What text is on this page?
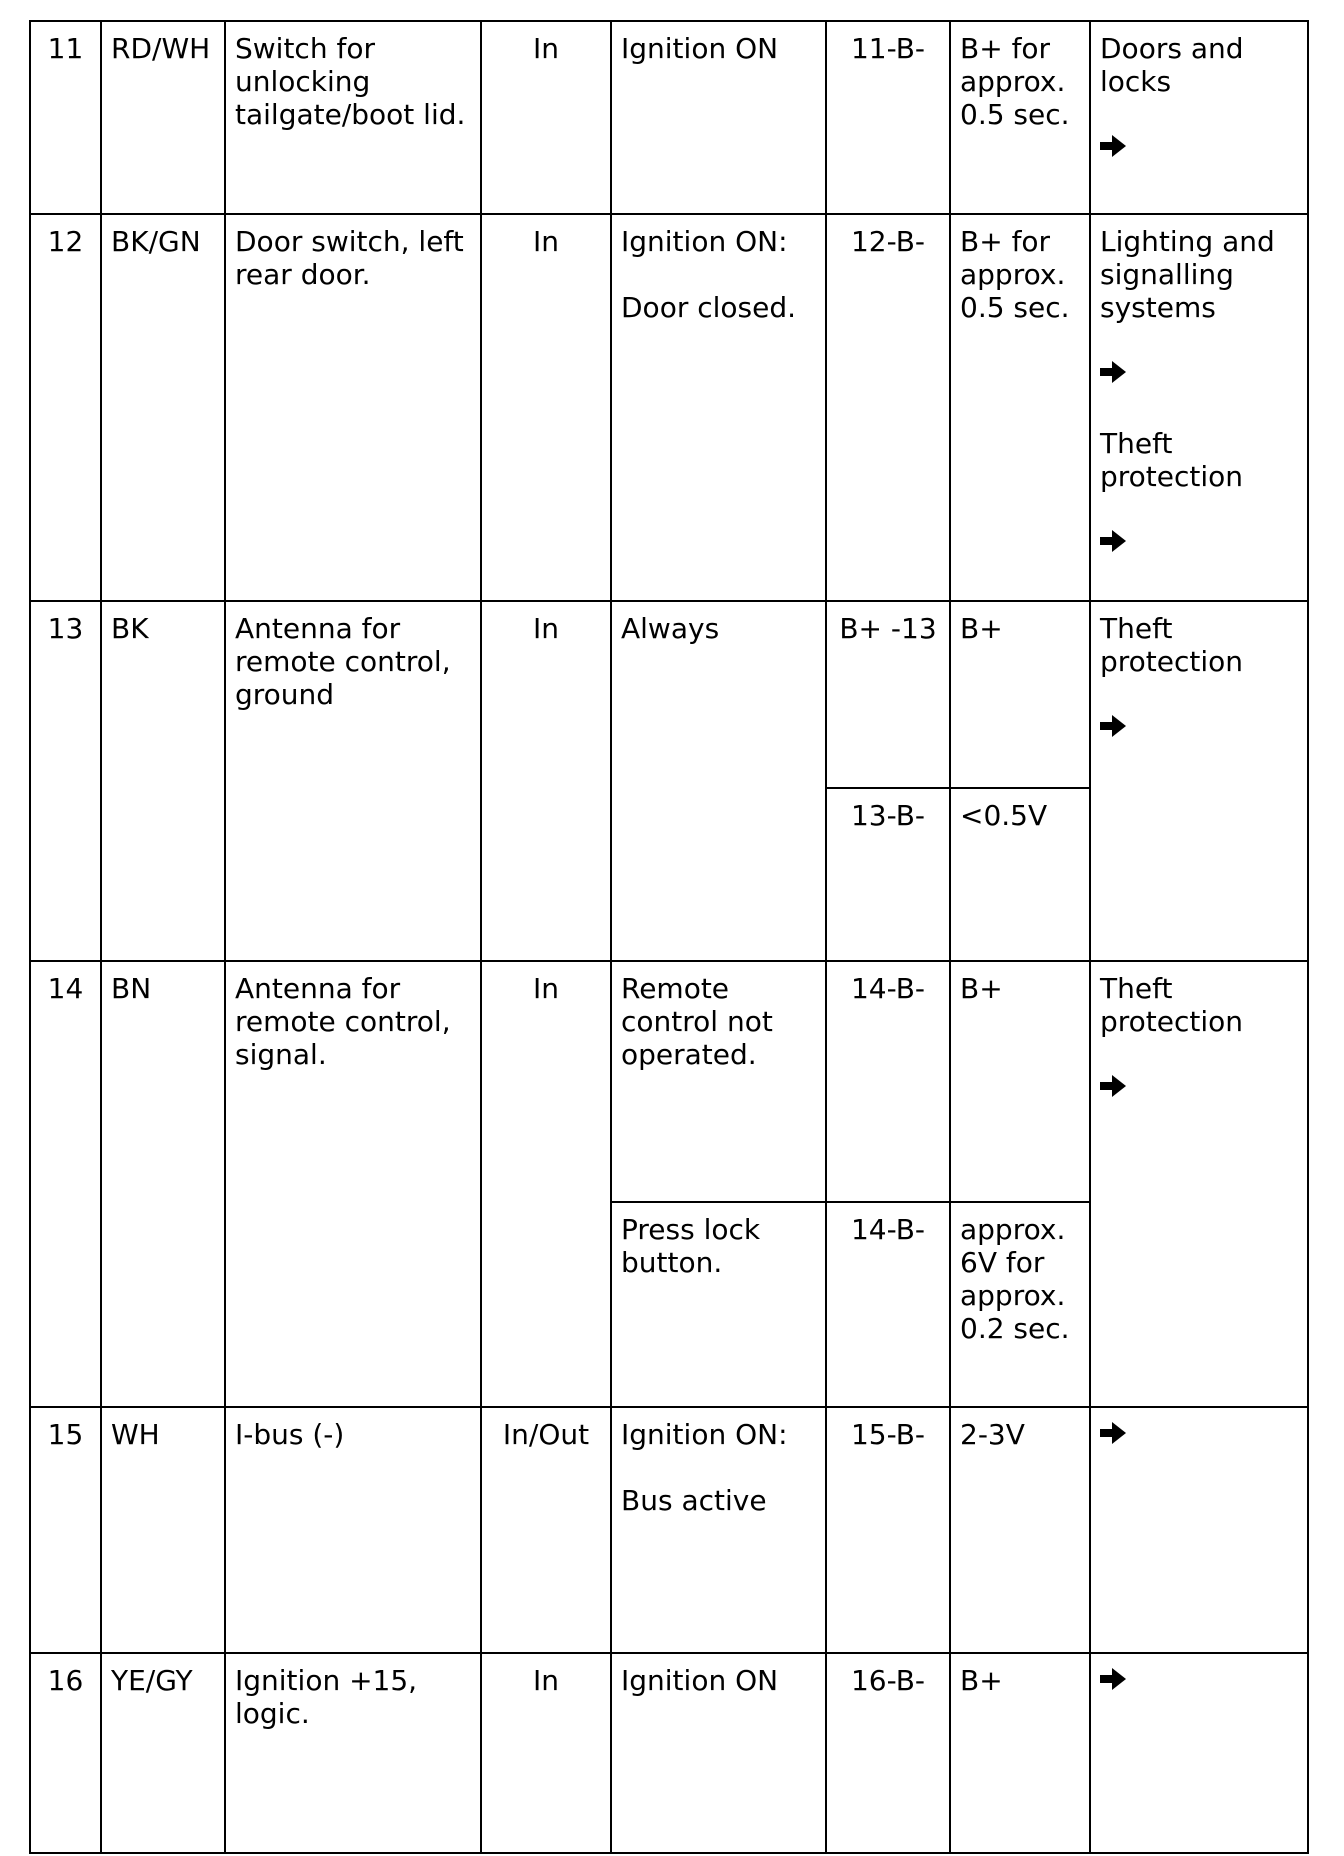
11	RD/WH	Switch for unlocking tailgate/boot lid.	In	Ignition ON	11-B-	B+ for approx. 0.5 sec.	Doors and locks

12	BK/GN	Door switch, left rear door.	In	Ignition ON:
Door closed.	12-B-	B+ for approx. 0.5 sec.	Lighting and signalling systems
Theft protection

13	BK	Antenna for remote control, ground	In	Always	B+ -13	B+	Theft protection

					13-B-	<0.5V	
14	BN	Antenna for remote control, signal.	In	Remote control not operated.	14-B-	B+	Theft protection

				Press lock button.	14-B-	approx. 6V for approx. 0.2 sec.	
15	WH	I-bus (-)	In/Out	Ignition ON:
Bus active	15-B-	2-3V	

16	YE/GY	Ignition +15, logic.	In	Ignition ON	16-B-	B+	
